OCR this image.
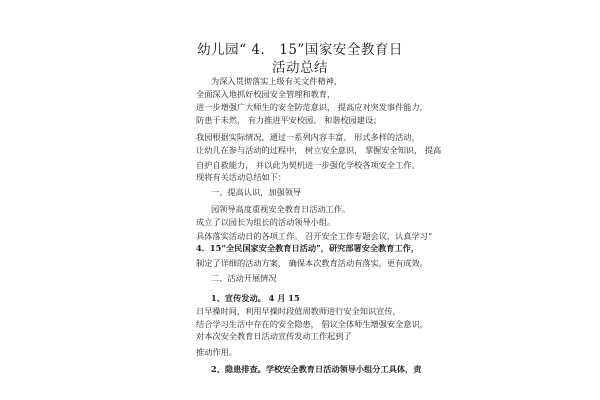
幼儿园“ 4． 15”国家安全教育日
活动总结
为深入贯彻落实上级有关文件精神，
全面深入地抓好校园安全管理和教育，
进一步增强广大师生的安全防范意识， 提高应对突发事件能力，
防患于未然， 有力推进平安校园、 和谐校园建设；
我园根据实际情况，通过一系列内容丰富、 形式多样的活动，
让幼儿在参与活动的过程中， 树立安全意识， 掌握安全知识， 提高
自护自救能力， 并以此为契机进一步强化学校各项安全工作。
现将有关活动总结如下：
一、提高认识，加强领导
园领导高度重视安全教育日活动工作。
成立了以园长为组长的活动领导小组。
具体落实活动日的各项工作。 召开安全工作专题会议，认真学习“
4．15”全民国家安全教育日活动”，研究部署安全教育工作，
制定了详细的活动方案， 确保本次教育活动有落实，更有成效。
二、活动开展情况
1、宣传发动。 4 月 15
日早操时间，利用早操时段值周教师进行安全知识宣传，
结合学习生活中存在的安全隐患， 倡议全体师生增强安全意识，
对本次安全教育日活动宣传发动工作起到了
推动作用。
2、隐患排查。学校安全教育日活动领导小组分工具体，责
